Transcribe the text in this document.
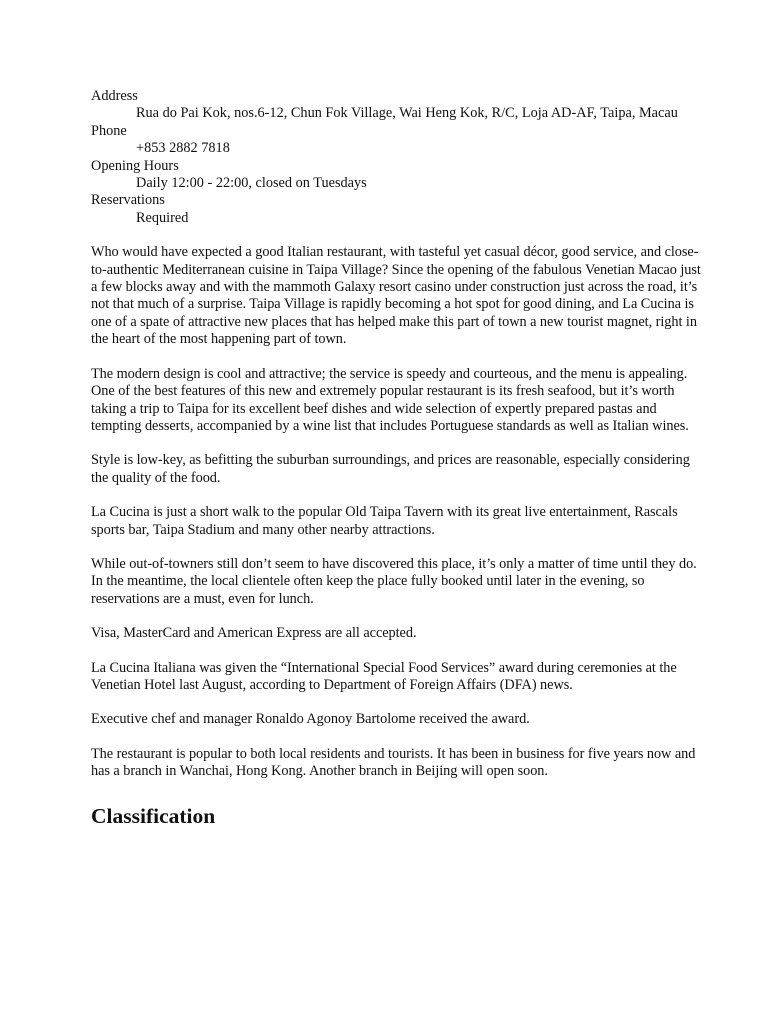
Address
Rua do Pai Kok, nos.6-12, Chun Fok Village, Wai Heng Kok, R/C, Loja AD-AF, Taipa, Macau
Phone
+853 2882 7818
Opening Hours
Daily 12:00 - 22:00, closed on Tuesdays
Reservations
Required

Who would have expected a good Italian restaurant, with tasteful yet casual décor, good service, and close-to-authentic Mediterranean cuisine in Taipa Village? Since the opening of the fabulous Venetian Macao just a few blocks away and with the mammoth Galaxy resort casino under construction just across the road, it’s not that much of a surprise. Taipa Village is rapidly becoming a hot spot for good dining, and La Cucina is one of a spate of attractive new places that has helped make this part of town a new tourist magnet, right in the heart of the most happening part of town.

The modern design is cool and attractive; the service is speedy and courteous, and the menu is appealing. One of the best features of this new and extremely popular restaurant is its fresh seafood, but it’s worth taking a trip to Taipa for its excellent beef dishes and wide selection of expertly prepared pastas and tempting desserts, accompanied by a wine list that includes Portuguese standards as well as Italian wines.

Style is low-key, as befitting the suburban surroundings, and prices are reasonable, especially considering the quality of the food.

La Cucina is just a short walk to the popular Old Taipa Tavern with its great live entertainment, Rascals sports bar, Taipa Stadium and many other nearby attractions.

While out-of-towners still don’t seem to have discovered this place, it’s only a matter of time until they do. In the meantime, the local clientele often keep the place fully booked until later in the evening, so reservations are a must, even for lunch.

Visa, MasterCard and American Express are all accepted.

La Cucina Italiana was given the “International Special Food Services” award during ceremonies at the Venetian Hotel last August, according to Department of Foreign Affairs (DFA) news.

Executive chef and manager Ronaldo Agonoy Bartolome received the award.

The restaurant is popular to both local residents and tourists. It has been in business for five years now and has a branch in Wanchai, Hong Kong. Another branch in Beijing will open soon.

Classification
